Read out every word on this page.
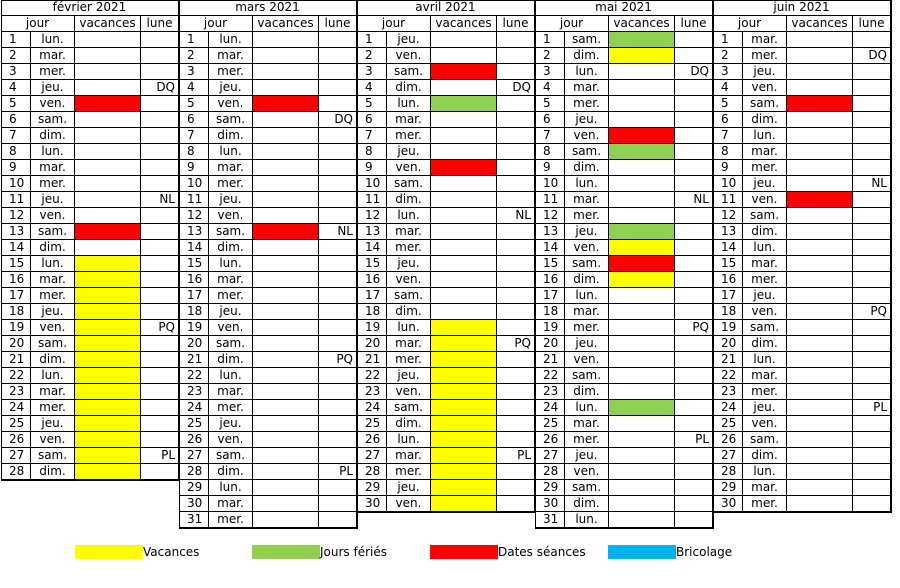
février 2021
jour	vacances lune
1	lun.
2	mar.
3	mer.
4	jeu.	DQ
5	ven.
6	sam.
7	dim.
8	lun.
9	mar.
10	mer.
11	jeu.	NL
12	ven.
13	sam.
14	dim.
15	lun.
16	mar.
17	mer.
18	jeu.
19	ven.	PQ
20	sam.
21	dim.
22	lun.
23	mar.
24	mer.
25	jeu.
26	ven.
27	sam.	PL
28	dim.
mars 2021
jour	vacances lune
1	lun.
2	mar.
3	mer.
4	jeu.
5	ven.
6	sam.	DQ
7	dim.
8	lun.
9	mar.
10	mer.
11	jeu.
12	ven.
13	sam.	NL
14	dim.
15	lun.
16	mar.
17	mer.
18	jeu.
19	ven.
20	sam.
21	dim.	PQ
22	lun.
23	mar.
24	mer.
25	jeu.
26	ven.
27	sam.
28	dim.	PL
29	lun.
30	mar.
31	mer.
avril 2021
jour	vacances lune
1	jeu.
2	ven.
3	sam.
4	dim.	DQ
5	lun.
6	mar.
7	mer.
8	jeu.
9	ven.
10	sam.
11	dim.
12	lun.	NL
13	mar.
14	mer.
15	jeu.
16	ven.
17	sam.
18	dim.
19	lun.
20	mar.	PQ
21	mer.
22	jeu.
23	ven.
24	sam.
25	dim.
26	lun.
27	mar.	PL
28	mer.
29	jeu.
30	ven.
mai 2021
jour	vacances lune
1	sam.
2	dim.
3	lun.	DQ
4	mar.
5	mer.
6	jeu.
7	ven.
8	sam.
9	dim.
10	lun.
11	mar.	NL
12	mer.
13	jeu.
14	ven.
15	sam.
16	dim.
17	lun.
18	mar.
19	mer.	PQ
20	jeu.
21	ven.
22	sam.
23	dim.
24	lun.
25	mar.
26	mer.	PL
27	jeu.
28	ven.
29	sam.
30	dim.
31	lun.
juin 2021
jour	vacances lune
1	mar.
2	mer.	DQ
3	jeu.
4	ven.
5	sam.
6	dim.
7	lun.
8	mar.
9	mer.
10	jeu.	NL
11	ven.
12	sam.
13	dim.
14	lun.
15	mar.
16	mer.
17	jeu.
18	ven.	PQ
19	sam.
20	dim.
21	lun.
22	mar.
23	mer.
24	jeu.	PL
25	ven.
26	sam.
27	dim.
28	lun.
29	mar.
30	mer.
Vacances	Jours fériés	Dates séances	Bricolage
